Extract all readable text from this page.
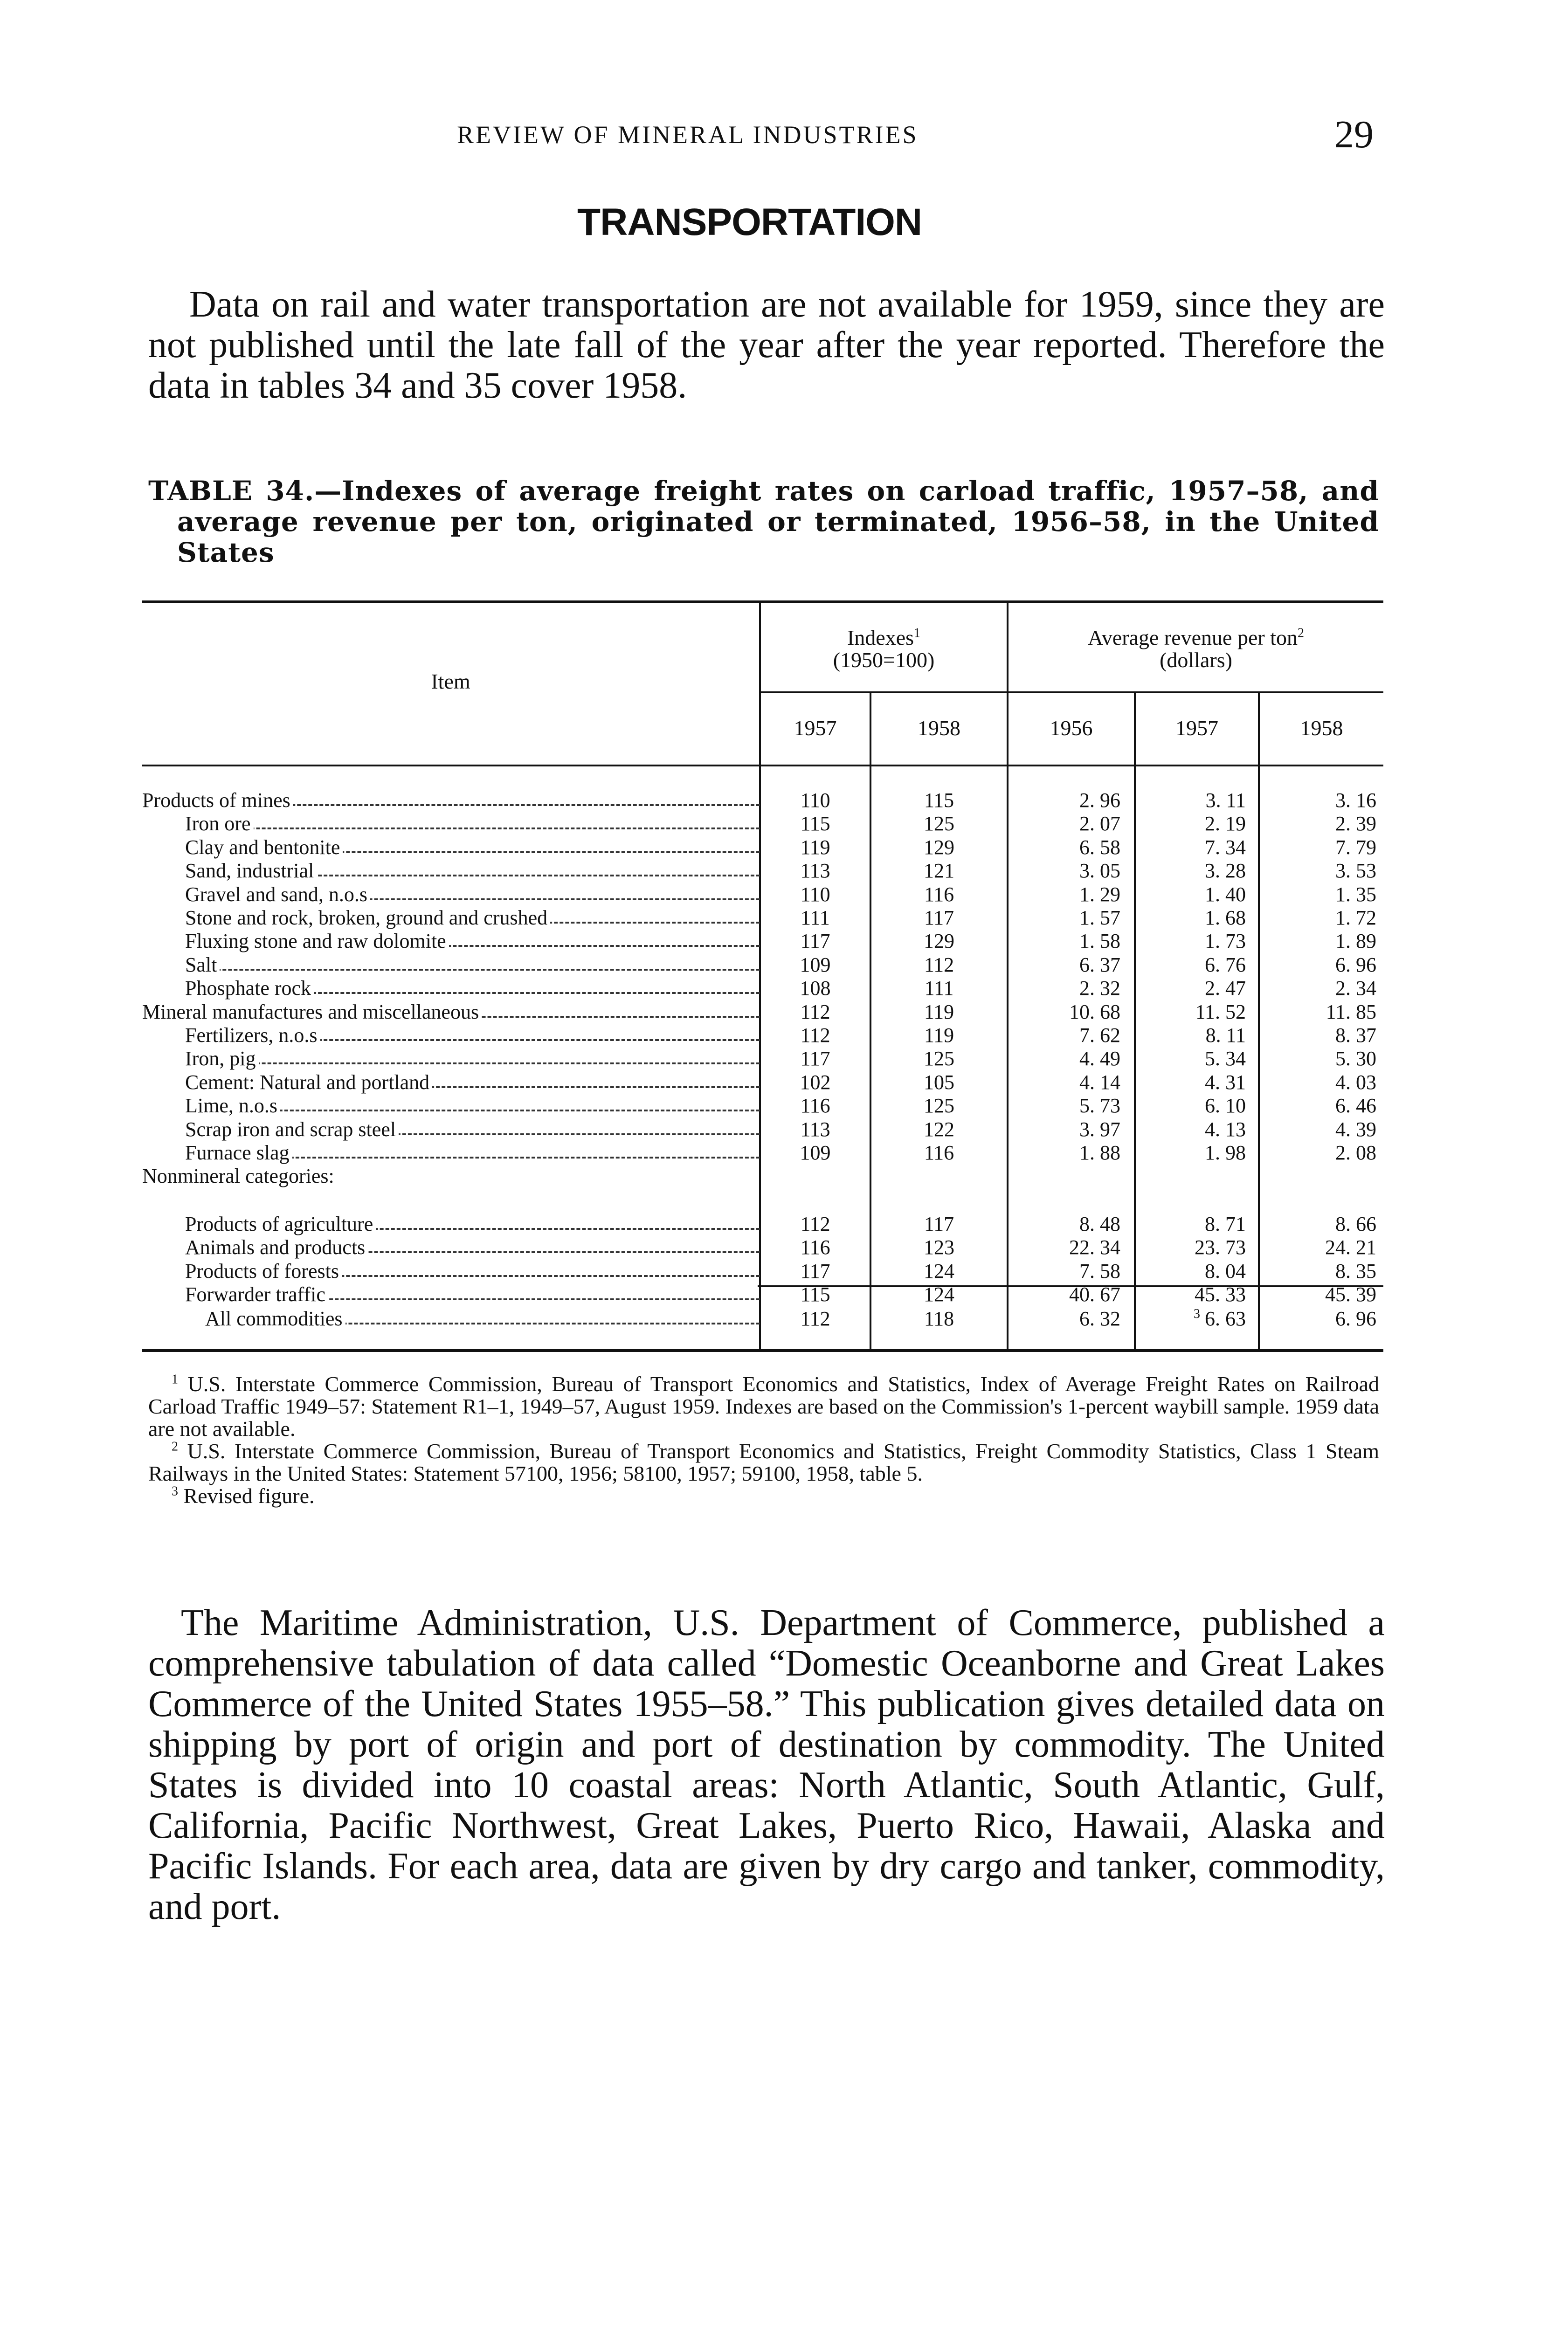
REVIEW OF MINERAL INDUSTRIES	29
TRANSPORTATION

Data on rail and water transportation are not available for 1959, since they are not published until the late fall of the year after the year reported. Therefore the data in tables 34 and 35 cover 1958.

TABLE 34.—Indexes of average freight rates on carload traffic, 1957–58, and average revenue per ton, originated or terminated, 1956–58, in the United States
Item
Indexes$^1$
(1950=100)
Average revenue per ton$^2$
(dollars)
1957	1958	1956	1957	1958
Products of mines	110	115	2. 96	3. 11	3. 16
Iron ore	115	125	2. 07	2. 19	2. 39
Clay and bentonite	119	129	6. 58	7. 34	7. 79
Sand, industrial	113	121	3. 05	3. 28	3. 53
Gravel and sand, n.o.s	110	116	1. 29	1. 40	1. 35
Stone and rock, broken, ground and crushed	111	117	1. 57	1. 68	1. 72
Fluxing stone and raw dolomite	117	129	1. 58	1. 73	1. 89
Salt	109	112	6. 37	6. 76	6. 96
Phosphate rock	108	111	2. 32	2. 47	2. 34
Mineral manufactures and miscellaneous	112	119	10. 68	11. 52	11. 85
Fertilizers, n.o.s	112	119	7. 62	8. 11	8. 37
Iron, pig	117	125	4. 49	5. 34	5. 30
Cement: Natural and portland	102	105	4. 14	4. 31	4. 03
Lime, n.o.s	116	125	5. 73	6. 10	6. 46
Scrap iron and scrap steel	113	122	3. 97	4. 13	4. 39
Furnace slag	109	116	1. 88	1. 98	2. 08
Nonmineral categories:
Products of agriculture	112	117	8. 48	8. 71	8. 66
Animals and products	116	123	22. 34	23. 73	24. 21
Products of forests	117	124	7. 58	8. 04	8. 35
Forwarder traffic	115	124	40. 67	45. 33	45. 39
All commodities	112	118	6. 32	$^3$ 6. 63	6. 96

$^1$ U.S. Interstate Commerce Commission, Bureau of Transport Economics and Statistics, Index of Average Freight Rates on Railroad Carload Traffic 1949–57: Statement R1–1, 1949–57, August 1959. Indexes are based on the Commission's 1-percent waybill sample. 1959 data are not available.

$^2$ U.S. Interstate Commerce Commission, Bureau of Transport Economics and Statistics, Freight Commodity Statistics, Class 1 Steam Railways in the United States: Statement 57100, 1956; 58100, 1957; 59100, 1958, table 5.

$^3$ Revised figure.

The Maritime Administration, U.S. Department of Commerce, published a comprehensive tabulation of data called “Domestic Oceanborne and Great Lakes Commerce of the United States 1955–58.” This publication gives detailed data on shipping by port of origin and port of destination by commodity. The United States is divided into 10 coastal areas: North Atlantic, South Atlantic, Gulf, California, Pacific Northwest, Great Lakes, Puerto Rico, Hawaii, Alaska and Pacific Islands. For each area, data are given by dry cargo and tanker, commodity, and port.
